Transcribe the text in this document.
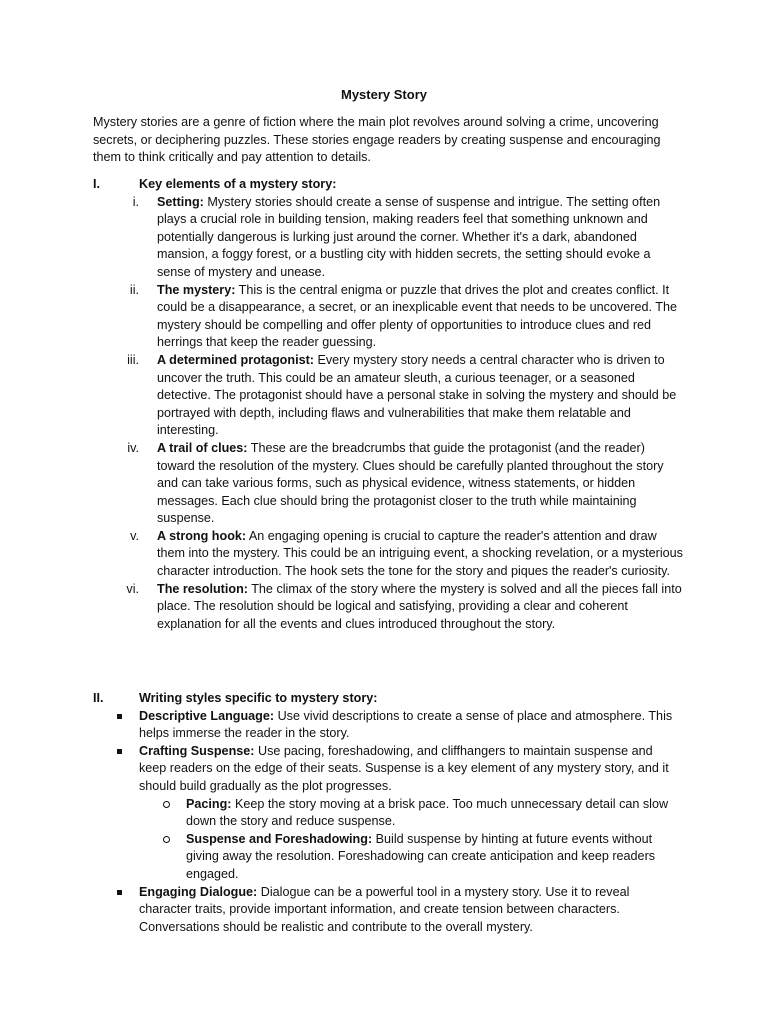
Mystery Story
Mystery stories are a genre of fiction where the main plot revolves around solving a crime, uncovering secrets, or deciphering puzzles. These stories engage readers by creating suspense and encouraging them to think critically and pay attention to details.
I.	Key elements of a mystery story:
i.	Setting: Mystery stories should create a sense of suspense and intrigue. The setting often plays a crucial role in building tension, making readers feel that something unknown and potentially dangerous is lurking just around the corner. Whether it's a dark, abandoned mansion, a foggy forest, or a bustling city with hidden secrets, the setting should evoke a sense of mystery and unease.
ii.	The mystery: This is the central enigma or puzzle that drives the plot and creates conflict. It could be a disappearance, a secret, or an inexplicable event that needs to be uncovered. The mystery should be compelling and offer plenty of opportunities to introduce clues and red herrings that keep the reader guessing.
iii.	A determined protagonist: Every mystery story needs a central character who is driven to uncover the truth. This could be an amateur sleuth, a curious teenager, or a seasoned detective. The protagonist should have a personal stake in solving the mystery and should be portrayed with depth, including flaws and vulnerabilities that make them relatable and interesting.
iv.	A trail of clues: These are the breadcrumbs that guide the protagonist (and the reader) toward the resolution of the mystery. Clues should be carefully planted throughout the story and can take various forms, such as physical evidence, witness statements, or hidden messages. Each clue should bring the protagonist closer to the truth while maintaining suspense.
v.	A strong hook: An engaging opening is crucial to capture the reader's attention and draw them into the mystery. This could be an intriguing event, a shocking revelation, or a mysterious character introduction. The hook sets the tone for the story and piques the reader's curiosity.
vi.	The resolution: The climax of the story where the mystery is solved and all the pieces fall into place. The resolution should be logical and satisfying, providing a clear and coherent explanation for all the events and clues introduced throughout the story.
II.	Writing styles specific to mystery story:
Descriptive Language: Use vivid descriptions to create a sense of place and atmosphere. This helps immerse the reader in the story.
Crafting Suspense: Use pacing, foreshadowing, and cliffhangers to maintain suspense and keep readers on the edge of their seats. Suspense is a key element of any mystery story, and it should build gradually as the plot progresses.
Pacing: Keep the story moving at a brisk pace. Too much unnecessary detail can slow down the story and reduce suspense.
Suspense and Foreshadowing: Build suspense by hinting at future events without giving away the resolution. Foreshadowing can create anticipation and keep readers engaged.
Engaging Dialogue: Dialogue can be a powerful tool in a mystery story. Use it to reveal character traits, provide important information, and create tension between characters. Conversations should be realistic and contribute to the overall mystery.
